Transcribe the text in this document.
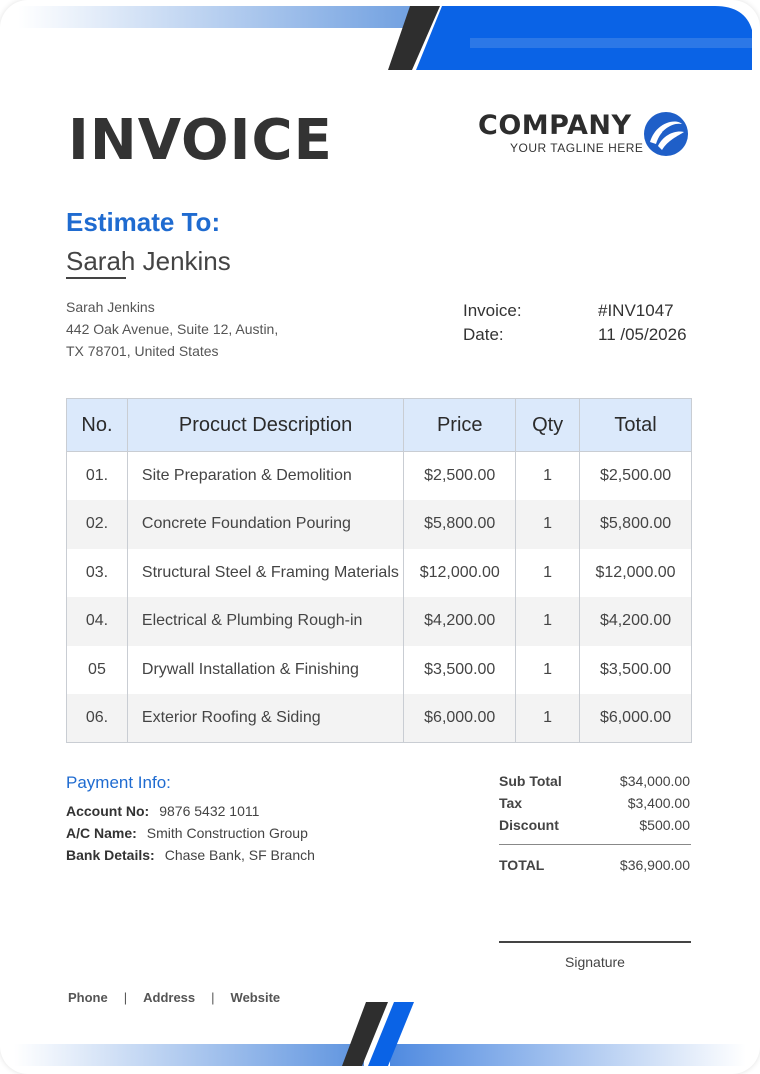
INVOICE	COMPANY
YOUR TAGLINE HERE
Estimate To:
Sarah Jenkins
Sarah Jenkins
442 Oak Avenue, Suite 12, Austin,
TX 78701, United States
Invoice:	#INV1047
Date:	11 /05/2026
No.	Procuct Description	Price	Qty	Total
01.	Site Preparation & Demolition	$2,500.00	1	$2,500.00
02.	Concrete Foundation Pouring	$5,800.00	1	$5,800.00
03.	Structural Steel & Framing Materials	$12,000.00	1	$12,000.00
04.	Electrical & Plumbing Rough-in	$4,200.00	1	$4,200.00
05	Drywall Installation & Finishing	$3,500.00	1	$3,500.00
06.	Exterior Roofing & Siding	$6,000.00	1	$6,000.00
Payment Info:
Account No: 9876 5432 1011
A/C Name: Smith Construction Group
Bank Details: Chase Bank, SF Branch
Sub Total	$34,000.00
Tax	$3,400.00
Discount	$500.00
TOTAL	$36,900.00
Signature
Phone | Address | Website
